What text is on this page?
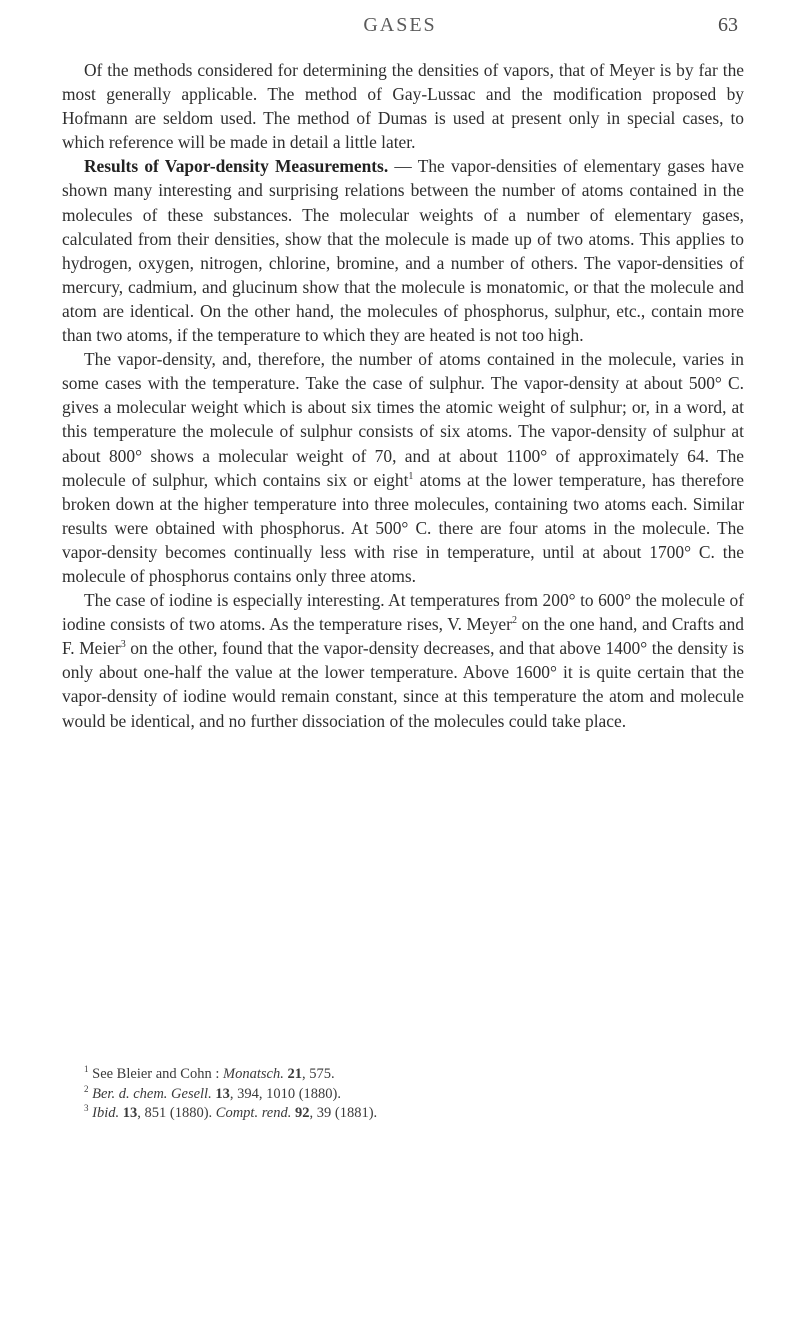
GASES	63

Of the methods considered for determining the densities of vapors, that of Meyer is by far the most generally applicable. The method of Gay-Lussac and the modification proposed by Hofmann are seldom used. The method of Dumas is used at present only in special cases, to which reference will be made in detail a little later.

Results of Vapor-density Measurements. — The vapor-densities of elementary gases have shown many interesting and surprising relations between the number of atoms contained in the molecules of these substances. The molecular weights of a number of elementary gases, calculated from their densities, show that the molecule is made up of two atoms. This applies to hydrogen, oxygen, nitrogen, chlorine, bromine, and a number of others. The vapor-densities of mercury, cadmium, and glucinum show that the molecule is monatomic, or that the molecule and atom are identical. On the other hand, the molecules of phosphorus, sulphur, etc., contain more than two atoms, if the temperature to which they are heated is not too high.

The vapor-density, and, therefore, the number of atoms contained in the molecule, varies in some cases with the temperature. Take the case of sulphur. The vapor-density at about 500° C. gives a molecular weight which is about six times the atomic weight of sulphur; or, in a word, at this temperature the molecule of sulphur consists of six atoms. The vapor-density of sulphur at about 800° shows a molecular weight of 70, and at about 1100° of approximately 64. The molecule of sulphur, which contains six or eight$^1$ atoms at the lower temperature, has therefore broken down at the higher temperature into three molecules, containing two atoms each. Similar results were obtained with phosphorus. At 500° C. there are four atoms in the molecule. The vapor-density becomes continually less with rise in temperature, until at about 1700° C. the molecule of phosphorus contains only three atoms.

The case of iodine is especially interesting. At temperatures from 200° to 600° the molecule of iodine consists of two atoms. As the temperature rises, V. Meyer$^2$ on the one hand, and Crafts and F. Meier$^3$ on the other, found that the vapor-density decreases, and that above 1400° the density is only about one-half the value at the lower temperature. Above 1600° it is quite certain that the vapor-density of iodine would remain constant, since at this temperature the atom and molecule would be identical, and no further dissociation of the molecules could take place.

$^1$ See Bleier and Cohn : Monatsch. 21, 575.

$^2$ Ber. d. chem. Gesell. 13, 394, 1010 (1880).

$^3$ Ibid. 13, 851 (1880). Compt. rend. 92, 39 (1881).
